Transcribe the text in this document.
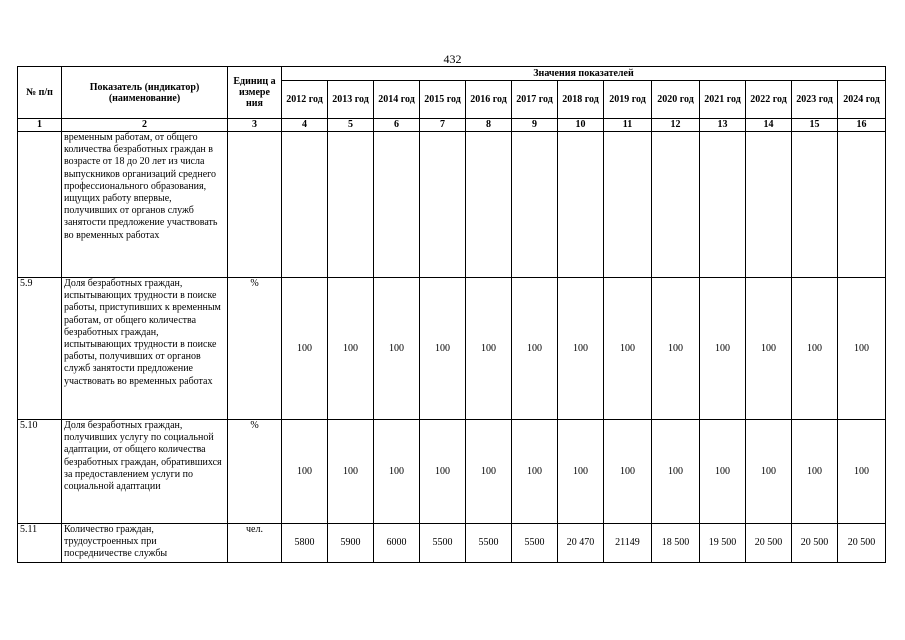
432
№ п/п	Показатель (индикатор) (наименование)	Единиц а измере ния	Значения показателей												
			2012 год	2013 год	2014 год	2015 год	2016 год	2017 год	2018 год	2019 год	2020 год	2021 год	2022 год	2023 год	2024 год
1	2	3	4	5	6	7	8	9	10	11	12	13	14	15	16
	временным работам, от общего количества безработных граждан в возрасте от 18 до 20 лет из числа выпускников организаций среднего профессионального образования, ищущих работу впервые, получивших от органов служб занятости предложение участвовать во временных работах														
5.9	Доля безработных граждан, испытывающих трудности в поиске работы, приступивших к временным работам, от общего количества безработных граждан, испытывающих трудности в поиске работы, получивших от органов служб занятости предложение участвовать во временных работах	%	100	100	100	100	100	100	100	100	100	100	100	100	100
5.10	Доля безработных граждан, получивших услугу по социальной адаптации, от общего количества безработных граждан, обратившихся за предоставлением услуги по социальной адаптации	%	100	100	100	100	100	100	100	100	100	100	100	100	100
5.11	Количество граждан, трудоустроенных при посредничестве службы	чел.	5800	5900	6000	5500	5500	5500	20 470	21149	18 500	19 500	20 500	20 500	20 500
